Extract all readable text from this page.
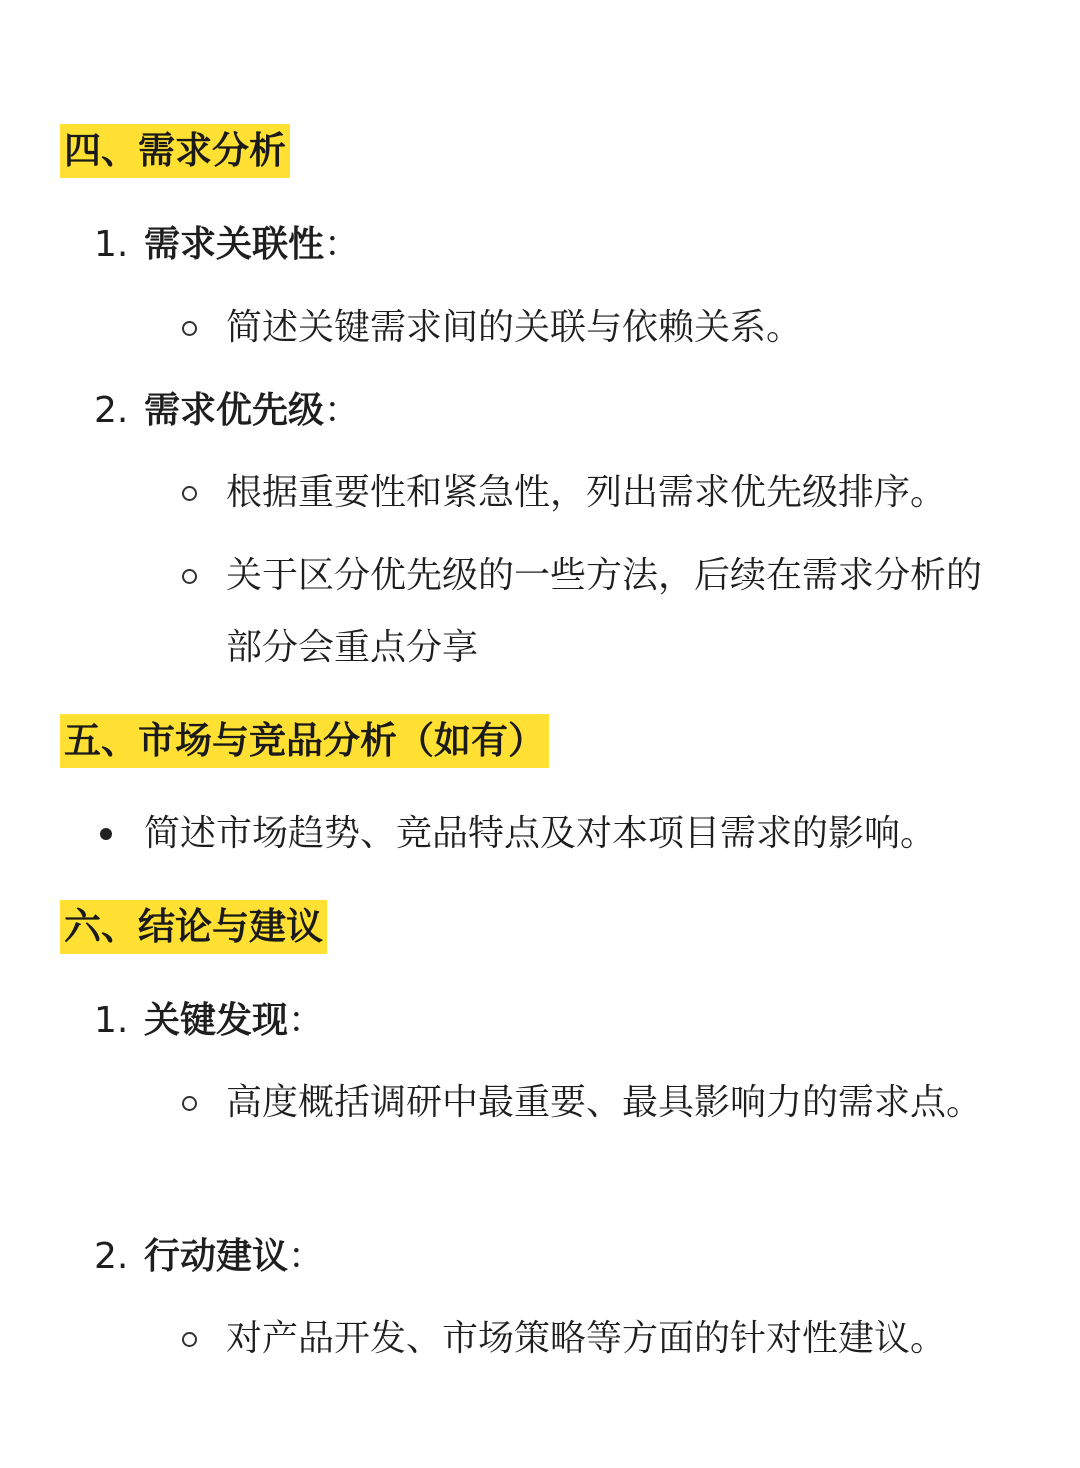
四、需求分析
1. 需求关联性：
简述关键需求间的关联与依赖关系。
2. 需求优先级：
根据重要性和紧急性，列出需求优先级排序。
关于区分优先级的一些方法，后续在需求分析的部分会重点分享
五、市场与竞品分析（如有）
简述市场趋势、竞品特点及对本项目需求的影响。
六、结论与建议
1. 关键发现：
高度概括调研中最重要、最具影响力的需求点。
2. 行动建议：
对产品开发、市场策略等方面的针对性建议。
